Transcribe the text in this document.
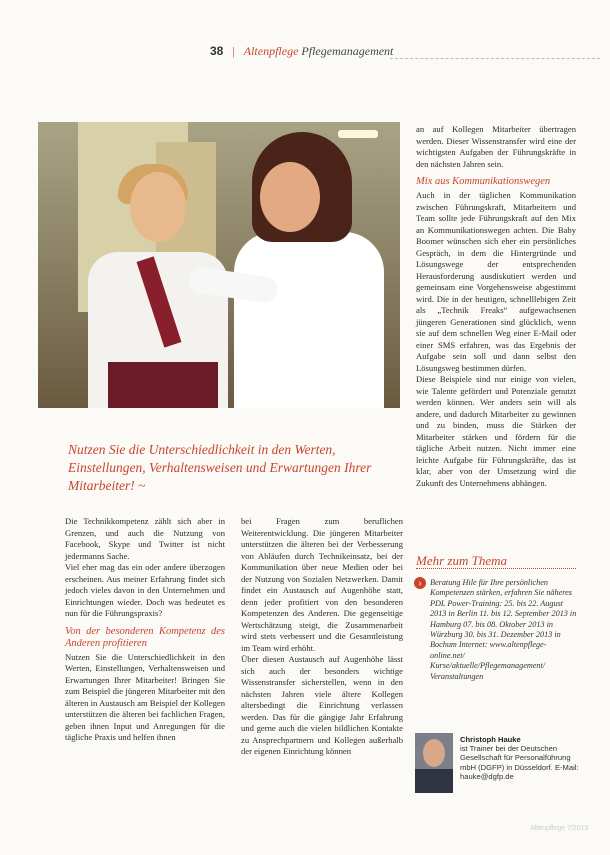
38 | Altenpflege Pflegemanagement
Nutzen Sie die Unterschiedlichkeit in den Werten, Einstellungen, Verhaltensweisen und Erwartungen Ihrer Mitarbeiter! ~

Die Technikkompetenz zählt sich aber in Grenzen, und auch die Nutzung von Facebook, Skype und Twitter ist nicht jedermanns Sache.

Viel eher mag das ein oder andere überzogen erscheinen. Aus meiner Erfahrung findet sich jedoch vieles davon in den Unternehmen und Einrichtungen wieder. Doch was bedeutet es nun für die Führungspraxis?

Von der besonderen Kompetenz des Anderen profitieren

Nutzen Sie die Unterschiedlichkeit in den Werten, Einstellungen, Verhaltensweisen und Erwartungen Ihrer Mitarbeiter! Bringen Sie zum Beispiel die jüngeren Mitarbeiter mit den älteren in Austausch am Beispiel der Kollegen unterstützen die älteren bei fachlichen Fragen, geben ihnen Input und Anregungen für die tägliche Praxis und helfen ihnen

bei Fragen zum beruflichen Weiterentwicklung. Die jüngeren Mitarbeiter unterstützen die älteren bei der Verbesserung von Abläufen durch Technikeinsatz, bei der Kommunikation über neue Medien oder bei der Nutzung von Sozialen Netzwerken. Damit findet ein Austausch auf Augenhöhe statt, denn jeder profitiert von den besonderen Kompetenzen des Anderen. Die gegenseitige Wertschätzung steigt, die Zusammenarbeit wird stets verbessert und die Gesamtleistung im Team wird erhöht.

Über diesen Austausch auf Augenhöhe lässt sich auch der besonders wichtige Wissenstransfer sicherstellen, wenn in den nächsten Jahren viele ältere Kollegen altersbedingt die Einrichtung verlassen werden. Das für die gängige Jahr Erfahrung und gerne auch die vielen bildlichen Kontakte zu Ansprechpartnern und Kollegen außerhalb der eigenen Einrichtung können

an auf Kollegen Mitarbeiter übertragen werden. Dieser Wissenstransfer wird eine der wichtigsten Aufgaben der Führungskräfte in den nächsten Jahren sein.

Mix aus Kommunikationswegen

Auch in der täglichen Kommunikation zwischen Führungskraft, Mitarbeitern und Team sollte jede Führungskraft auf den Mix an Kommunikationswegen achten. Die Baby Boomer wünschen sich eher ein persönliches Gespräch, in dem die Hintergründe und Lösungswege der entsprechenden Herausforderung ausdiskutiert werden und gemeinsam eine Vorgehensweise abgestimmt wird. Die in der heutigen, schnelllebigen Zeit als „Technik Freaks“ aufgewachsenen jüngeren Generationen sind glücklich, wenn sie auf dem schnellen Weg einer E-Mail oder einer SMS erfahren, was das Ergebnis der Aufgabe sein soll und dann selbst den Lösungsweg bestimmen dürfen.

Diese Beispiele sind nur einige von vielen, wie Talente gefördert und Potenziale genutzt werden können. Wer anders sein will als andere, und dadurch Mitarbeiter zu gewinnen und zu binden, muss die Stärken der Mitarbeiter stärken und fördern für die tägliche Arbeit nutzen. Nicht immer eine leichte Aufgabe für Führungskräfte, das ist klar, aber von der Umsetzung wird die Zukunft des Unternehmens abhängen.

Mehr zum Thema
›	Beratung Hile für Ihre persönlichen Kompetenzen stärken, erfahren Sie näheres PDL Power-Training: 25. bis 22. August 2013 in Berlin 11. bis 12. September 2013 in Hamburg 07. bis 08. Oktober 2013 in Würzburg 30. bis 31. Dezember 2013 in Bochum Internet: www.altenpflege-online.net/ Kurse/aktuelle/Pflegemanagement/ Veranstaltungen
Christoph Hauke
ist Trainer bei der Deutschen Gesellschaft für Personalführung mbH (DGFP) in Düsseldorf. E-Mail: hauke@dgfp.de
Altenpflege 7/2013
